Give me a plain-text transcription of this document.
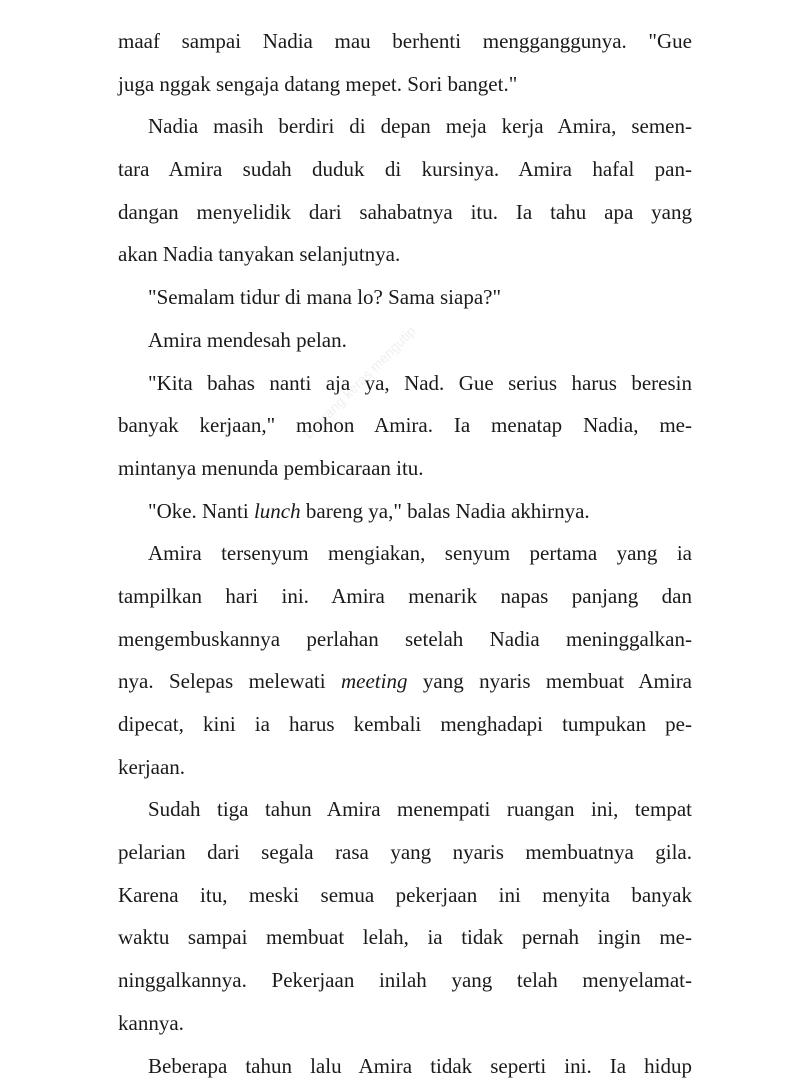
maaf sampai Nadia mau berhenti mengganggunya. "Gue
juga nggak sengaja datang mepet. Sori banget."
Nadia masih berdiri di depan meja kerja Amira, semen-
tara Amira sudah duduk di kursinya. Amira hafal pan-
dangan menyelidik dari sahabatnya itu. Ia tahu apa yang
akan Nadia tanyakan selanjutnya.
"Semalam tidur di mana lo? Sama siapa?"
Amira mendesah pelan.
"Kita bahas nanti aja ya, Nad. Gue serius harus beresin
banyak kerjaan," mohon Amira. Ia menatap Nadia, me-
mintanya menunda pembicaraan itu.
"Oke. Nanti lunch bareng ya," balas Nadia akhirnya.
Amira tersenyum mengiakan, senyum pertama yang ia
tampilkan hari ini. Amira menarik napas panjang dan
mengembuskannya perlahan setelah Nadia meninggalkan-
nya. Selepas melewati meeting yang nyaris membuat Amira
dipecat, kini ia harus kembali menghadapi tumpukan pe-
kerjaan.
Sudah tiga tahun Amira menempati ruangan ini, tempat
pelarian dari segala rasa yang nyaris membuatnya gila.
Karena itu, meski semua pekerjaan ini menyita banyak
waktu sampai membuat lelah, ia tidak pernah ingin me-
ninggalkannya. Pekerjaan inilah yang telah menyelamat-
kannya.
Beberapa tahun lalu Amira tidak seperti ini. Ia hidup
Dilarang keras mengutip
